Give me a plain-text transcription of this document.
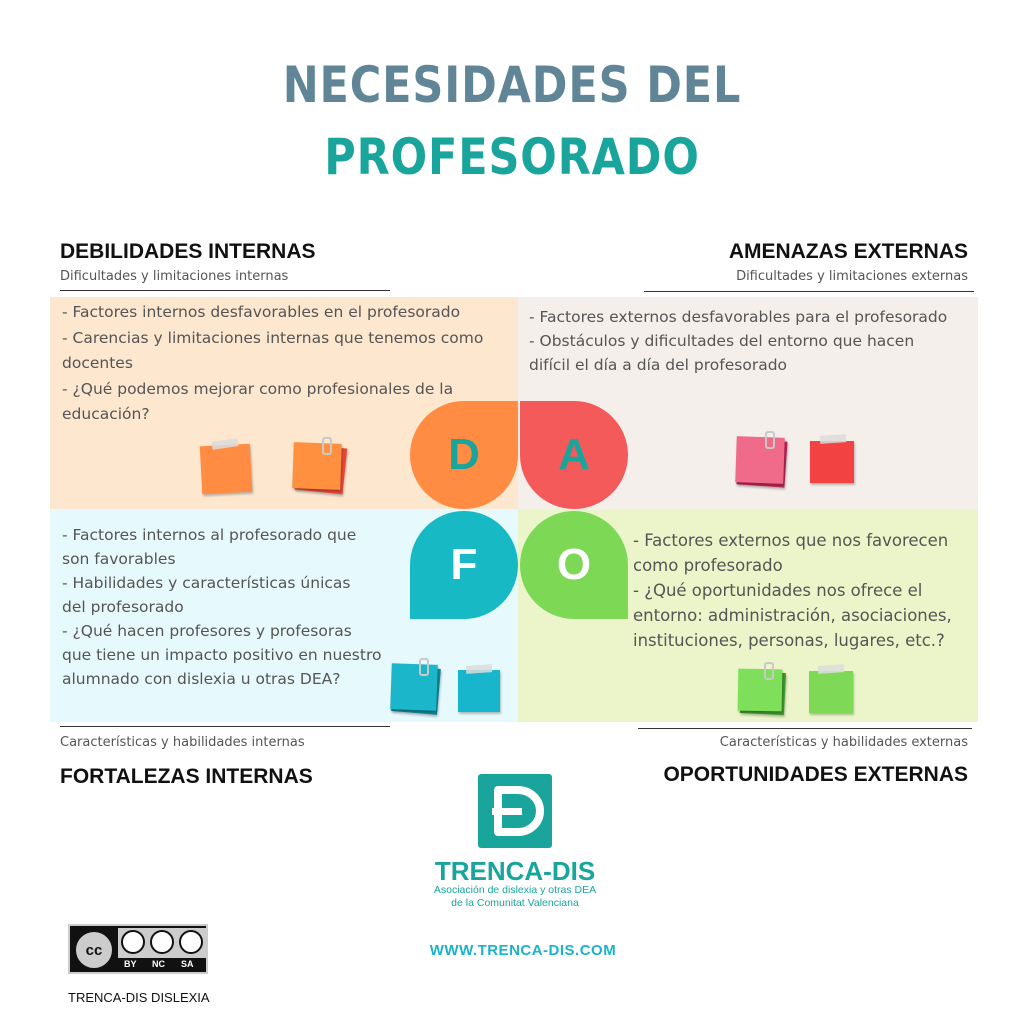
NECESIDADES DEL
PROFESORADO
DEBILIDADES INTERNAS
Dificultades y limitaciones internas
AMENAZAS EXTERNAS
Dificultades y limitaciones externas
- Factores internos desfavorables en el profesorado
- Carencias y limitaciones internas que tenemos como
docentes
- ¿Qué podemos mejorar como profesionales de la
educación?
- Factores externos desfavorables para el profesorado
- Obstáculos y dificultades del entorno que hacen
difícil el día a día del profesorado
- Factores internos al profesorado que
son favorables
- Habilidades y características únicas
del profesorado
- ¿Qué hacen profesores y profesoras
que tiene un impacto positivo en nuestro
alumnado con dislexia u otras DEA?
- Factores externos que nos favorecen
como profesorado
- ¿Qué oportunidades nos ofrece el
entorno: administración, asociaciones,
instituciones, personas, lugares, etc.?
D A
F O
Características y habilidades internas
FORTALEZAS INTERNAS
Características y habilidades externas
OPORTUNIDADES EXTERNAS
TRENCA-DIS
Asociación de dislexia y otras DEA
de la Comunitat Valenciana
WWW.TRENCA-DIS.COM
cc
BY NC SA
TRENCA-DIS DISLEXIA
